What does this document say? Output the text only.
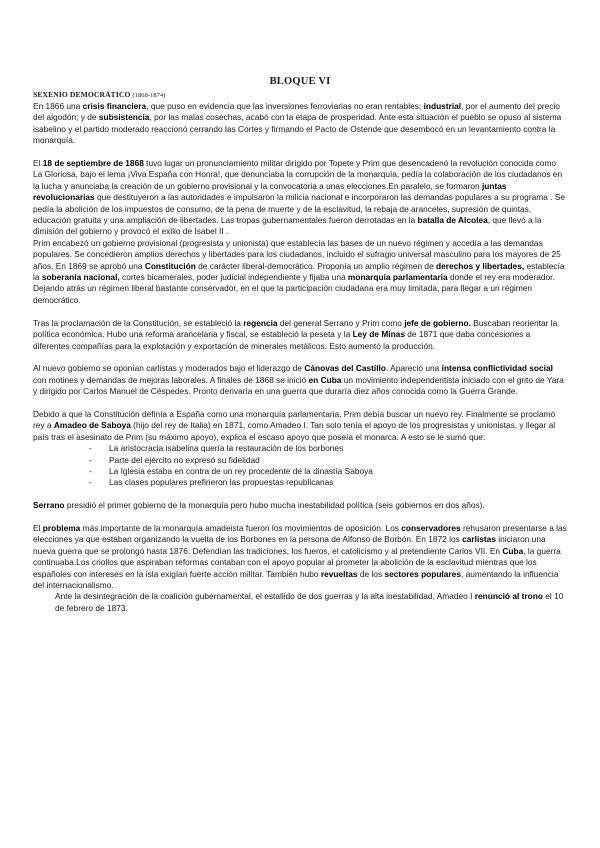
BLOQUE VI
SEXENIO DEMOCRÁTICO (1868-1874)

En 1866 una crisis financiera, que puso en evidencia que las inversiones ferroviarias no eran rentables; industrial, por el aumento del precio del algodón; y de subsistencia, por las malas cosechas, acabó con la etapa de prosperidad. Ante esta situación el pueblo se opuso al sistema isabelino y el partido moderado reaccionó cerrando las Cortes y firmando el Pacto de Ostende que desembocó en un levantamiento contra la monarquía.

El 18 de septiembre de 1868 tuvo lugar un pronunciamiento militar dirigido por Topete y Prim que desencadenó la revolución conocida como La Gloriosa, bajo el lema ¡Viva España con Honra!, que denunciaba la corrupción de la monarquía, pedía la colaboración de los ciudadanos en la lucha y anunciaba la creación de un gobierno provisional y la convocatoria a unas elecciones.En paralelo, se formaron juntas revolucionarias que destituyeron a las autoridades e impulsaron la milicia nacional e incorporaron las demandas populares a su programa . Se pedía la abolición de los impuestos de consumo, de la pena de muerte y de la esclavitud, la rebaja de aranceles, supresión de quintas, educación gratuita y una ampliación de libertades. Las tropas gubernamentales fueron derrotadas en la batalla de Alcolea, que llevó a la dimisión del gobierno y provocó el exilio de Isabel II .

Prim encabezó un gobierno provisional (progresista y unionista) que establecía las bases de un nuevo régimen y accedía a las demandas populares. Se concedieron amplios derechos y libertades para los ciudadanos, incluido el sufragio universal masculino para los mayores de 25 años. En 1869 se aprobó una Constitución de carácter liberal-democrático. Proponía un amplio régimen de derechos y libertades, establecía la soberanía nacional, cortes bicamerales, poder judicial independiente y fijaba una monarquía parlamentaria donde el rey era moderador. Dejando atrás un régimen liberal bastante conservador, en el que la participación ciudadana era muy limitada, para llegar a un régimen democrático.

Tras la proclamación de la Constitución, se estableció la regencia del general Serrano y Prim como jefe de gobierno. Buscaban reorientar la política económica. Hubo una reforma arancelaria y fiscal, se estableció la peseta y la Ley de Minas de 1871 que daba concesiones a diferentes compañías para la explotación y exportación de minerales metálicos. Esto aumentó la producción.

Al nuevo gobierno se oponían carlistas y moderados bajo el liderazgo de Cánovas del Castillo. Apareció una intensa conflictividad social con motines y demandas de mejoras laborales. A finales de 1868 se inició en Cuba un movimiento independentista iniciado con el grito de Yara y dirigido por Carlos Manuel de Céspedes. Pronto derivaría en una guerra que duraría diez años conocida como la Guerra Grande.

Debido a que la Constitución definía a España como una monarquía parlamentaria, Prim debía buscar un nuevo rey. Finalmente se proclamó rey a Amadeo de Saboya (hijo del rey de Italia) en 1871, como Amadeo I. Tan solo tenía el apoyo de los progresistas y unionistas, y llegar al país tras el asesinato de Prim (su máximo apoyo), explica el escaso apoyo que poseía el monarca. A esto se le sumó que:

- La aristocracia isabelina quería la restauración de los borbones
- Parte del ejército no expresó su fidelidad
- La Iglesia estaba en contra de un rey procedente de la dinastía Saboya
- Las clases populares prefirieron las propuestas republicanas

Serrano presidió el primer gobierno de la monarquía pero hubo mucha inestabilidad política (seis gobiernos en dos años).

El problema más importante de la monarquía amadeista fueron los movimientos de oposición. Los conservadores rehusaron presentarse a las elecciones ya que estaban organizando la vuelta de los Borbones en la persona de Alfonso de Borbón. En 1872 los carlistas iniciaron una nueva guerra que se prolongó hasta 1876. Defendían las tradiciones, los fueros, el catolicismo y al pretendiente Carlos VII. En Cuba, la guerra continuaba.Los criollos que aspiraban reformas contaban con el apoyo popular al prometer la abolición de la esclavitud mientras que los españoles con intereses en la isla exigían fuerte acción militar. También hubo revueltas de los sectores populares, aumentando la influencia del internacionalismo.

Ante la desintegración de la coalición gubernamental, el estallido de dos guerras y la alta inestabilidad, Amadeo I renunció al trono el 10 de febrero de 1873.
